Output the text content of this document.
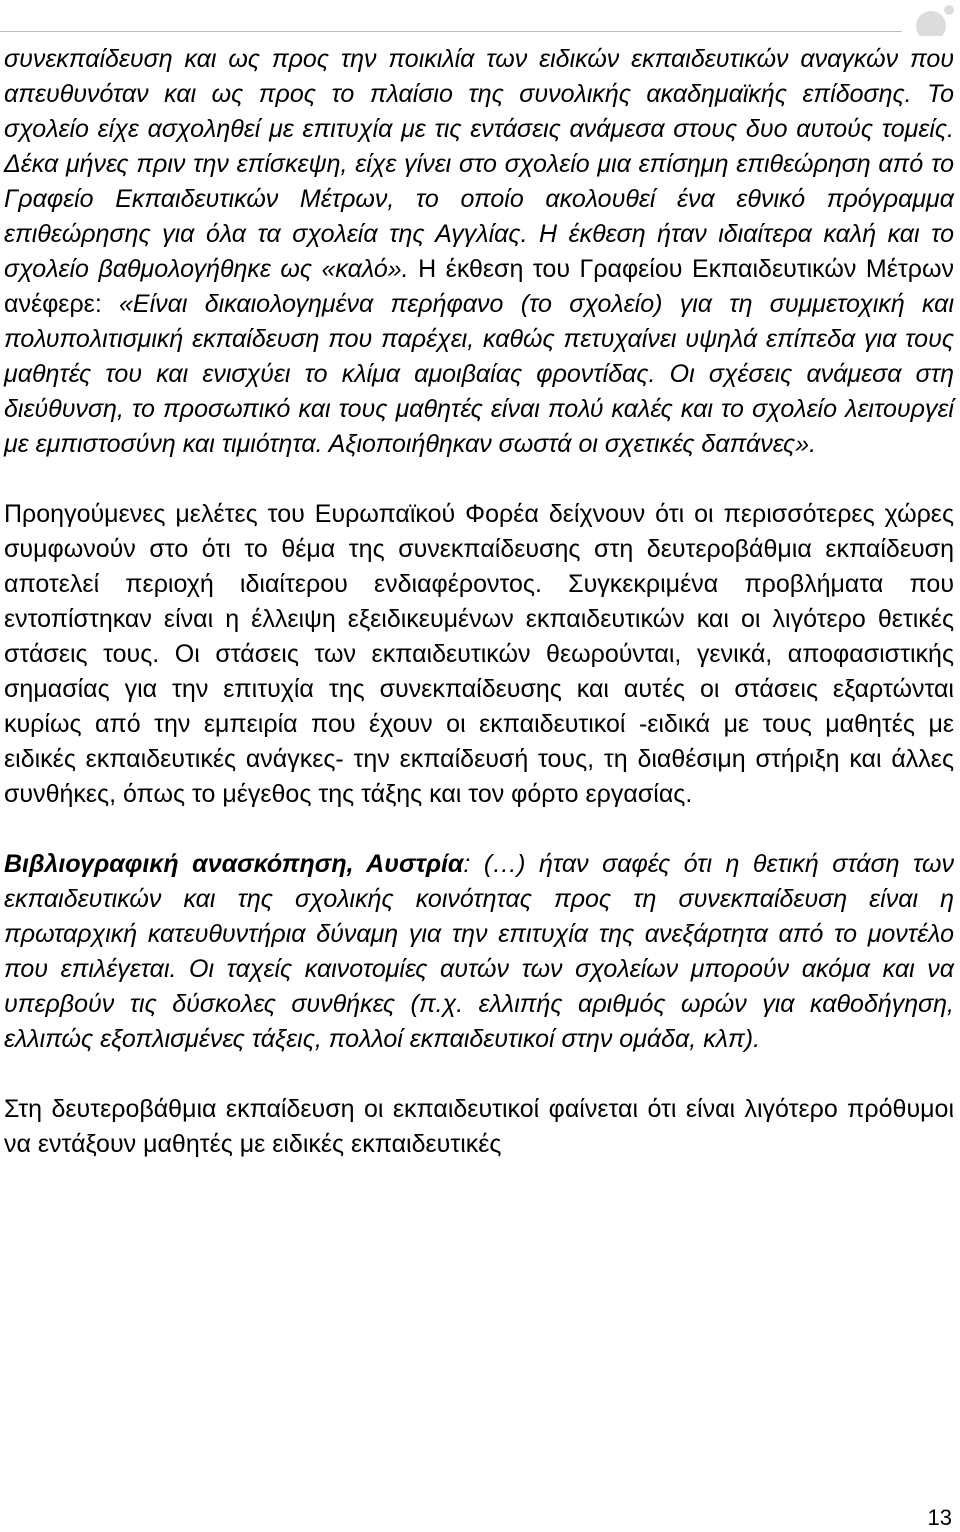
συνεκπαίδευση και ως προς την ποικιλία των ειδικών εκπαιδευτικών αναγκών που απευθυνόταν και ως προς το πλαίσιο της συνολικής ακαδημαϊκής επίδοσης. Το σχολείο είχε ασχοληθεί με επιτυχία με τις εντάσεις ανάμεσα στους δυο αυτούς τομείς. Δέκα μήνες πριν την επίσκεψη, είχε γίνει στο σχολείο μια επίσημη επιθεώρηση από το Γραφείο Εκπαιδευτικών Μέτρων, το οποίο ακολουθεί ένα εθνικό πρόγραμμα επιθεώρησης για όλα τα σχολεία της Αγγλίας. Η έκθεση ήταν ιδιαίτερα καλή και το σχολείο βαθμολογήθηκε ως «καλό». Η έκθεση του Γραφείου Εκπαιδευτικών Μέτρων ανέφερε: «Είναι δικαιολογημένα περήφανο (το σχολείο) για τη συμμετοχική και πολυπολιτισμική εκπαίδευση που παρέχει, καθώς πετυχαίνει υψηλά επίπεδα για τους μαθητές του και ενισχύει το κλίμα αμοιβαίας φροντίδας. Οι σχέσεις ανάμεσα στη διεύθυνση, το προσωπικό και τους μαθητές είναι πολύ καλές και το σχολείο λειτουργεί με εμπιστοσύνη και τιμιότητα. Αξιοποιήθηκαν σωστά οι σχετικές δαπάνες».

Προηγούμενες μελέτες του Ευρωπαϊκού Φορέα δείχνουν ότι οι περισσότερες χώρες συμφωνούν στο ότι το θέμα της συνεκπαίδευσης στη δευτεροβάθμια εκπαίδευση αποτελεί περιοχή ιδιαίτερου ενδιαφέροντος. Συγκεκριμένα προβλήματα που εντοπίστηκαν είναι η έλλειψη εξειδικευμένων εκπαιδευτικών και οι λιγότερο θετικές στάσεις τους. Οι στάσεις των εκπαιδευτικών θεωρούνται, γενικά, αποφασιστικής σημασίας για την επιτυχία της συνεκπαίδευσης και αυτές οι στάσεις εξαρτώνται κυρίως από την εμπειρία που έχουν οι εκπαιδευτικοί -ειδικά με τους μαθητές με ειδικές εκπαιδευτικές ανάγκες- την εκπαίδευσή τους, τη διαθέσιμη στήριξη και άλλες συνθήκες, όπως το μέγεθος της τάξης και τον φόρτο εργασίας.

Βιβλιογραφική ανασκόπηση, Αυστρία: (…) ήταν σαφές ότι η θετική στάση των εκπαιδευτικών και της σχολικής κοινότητας προς τη συνεκπαίδευση είναι η πρωταρχική κατευθυντήρια δύναμη για την επιτυχία της ανεξάρτητα από το μοντέλο που επιλέγεται. Οι ταχείς καινοτομίες αυτών των σχολείων μπορούν ακόμα και να υπερβούν τις δύσκολες συνθήκες (π.χ. ελλιπής αριθμός ωρών για καθοδήγηση, ελλιπώς εξοπλισμένες τάξεις, πολλοί εκπαιδευτικοί στην ομάδα, κλπ).

Στη δευτεροβάθμια εκπαίδευση οι εκπαιδευτικοί φαίνεται ότι είναι λιγότερο πρόθυμοι να εντάξουν μαθητές με ειδικές εκπαιδευτικές

13
